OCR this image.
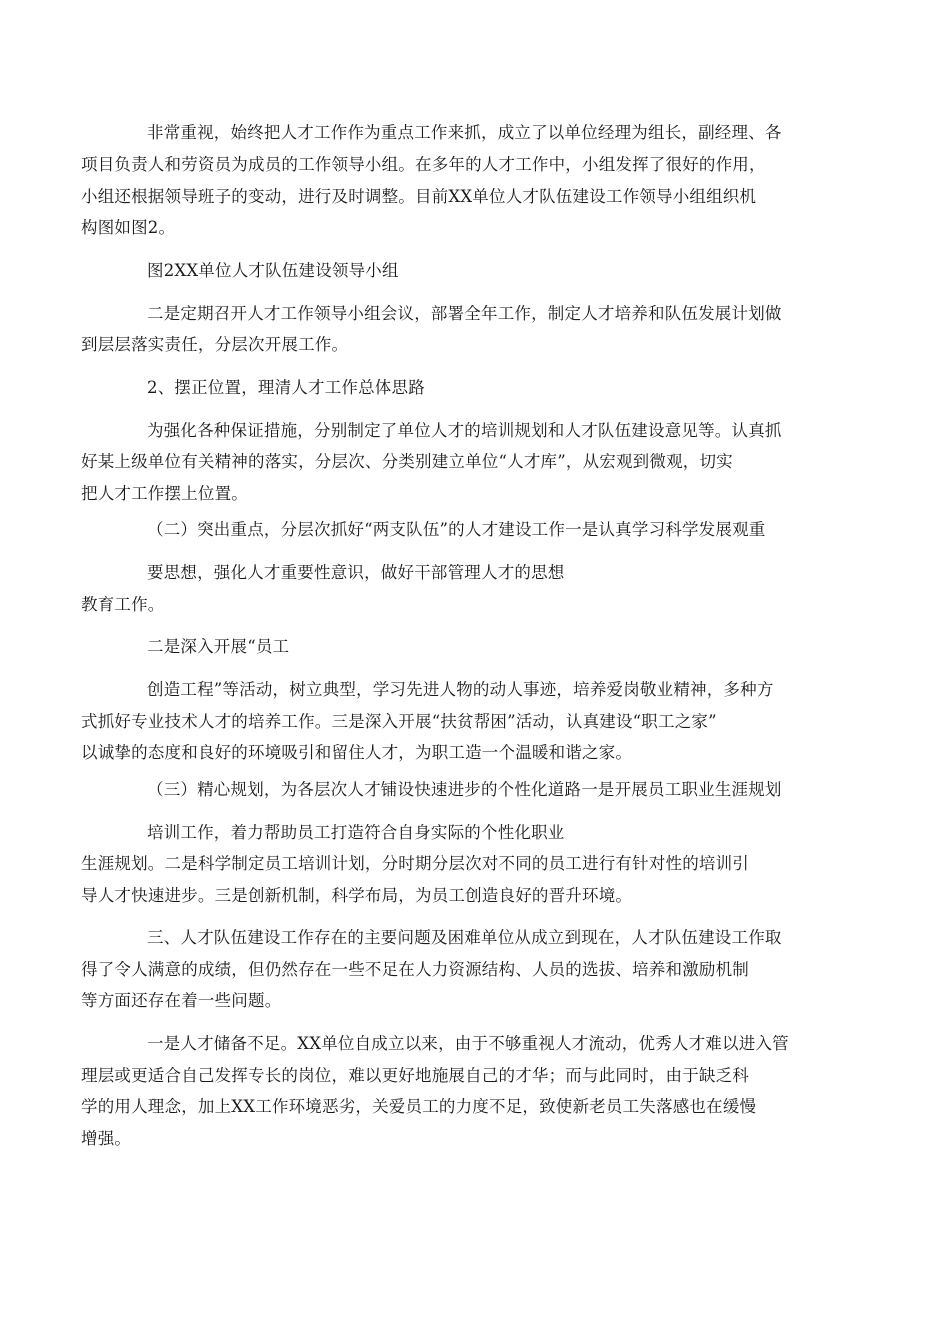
非常重视，始终把人才工作作为重点工作来抓，成立了以单位经理为组长，副经理、各
项目负责人和劳资员为成员的工作领导小组。在多年的人才工作中，小组发挥了很好的作用，
小组还根据领导班子的变动，进行及时调整。目前XX单位人才队伍建设工作领导小组组织机
构图如图2。
图2XX单位人才队伍建设领导小组
二是定期召开人才工作领导小组会议，部署全年工作，制定人才培养和队伍发展计划做
到层层落实责任，分层次开展工作。
2、摆正位置，理清人才工作总体思路
为强化各种保证措施，分别制定了单位人才的培训规划和人才队伍建设意见等。认真抓
好某上级单位有关精神的落实，分层次、分类别建立单位“人才库”，从宏观到微观，切实
把人才工作摆上位置。
（二）突出重点，分层次抓好“两支队伍”的人才建设工作一是认真学习科学发展观重
要思想，强化人才重要性意识，做好干部管理人才的思想
教育工作。
二是深入开展“员工
创造工程”等活动，树立典型，学习先进人物的动人事迹，培养爱岗敬业精神，多种方
式抓好专业技术人才的培养工作。三是深入开展“扶贫帮困”活动，认真建设“职工之家”
以诚挚的态度和良好的环境吸引和留住人才，为职工造一个温暖和谐之家。
（三）精心规划，为各层次人才铺设快速进步的个性化道路一是开展员工职业生涯规划
培训工作，着力帮助员工打造符合自身实际的个性化职业
生涯规划。二是科学制定员工培训计划，分时期分层次对不同的员工进行有针对性的培训引
导人才快速进步。三是创新机制，科学布局，为员工创造良好的晋升环境。
三、人才队伍建设工作存在的主要问题及困难单位从成立到现在，人才队伍建设工作取
得了令人满意的成绩，但仍然存在一些不足在人力资源结构、人员的选拔、培养和激励机制
等方面还存在着一些问题。
一是人才储备不足。XX单位自成立以来，由于不够重视人才流动，优秀人才难以进入管
理层或更适合自己发挥专长的岗位，难以更好地施展自己的才华；而与此同时，由于缺乏科
学的用人理念，加上XX工作环境恶劣，关爱员工的力度不足，致使新老员工失落感也在缓慢
增强。
